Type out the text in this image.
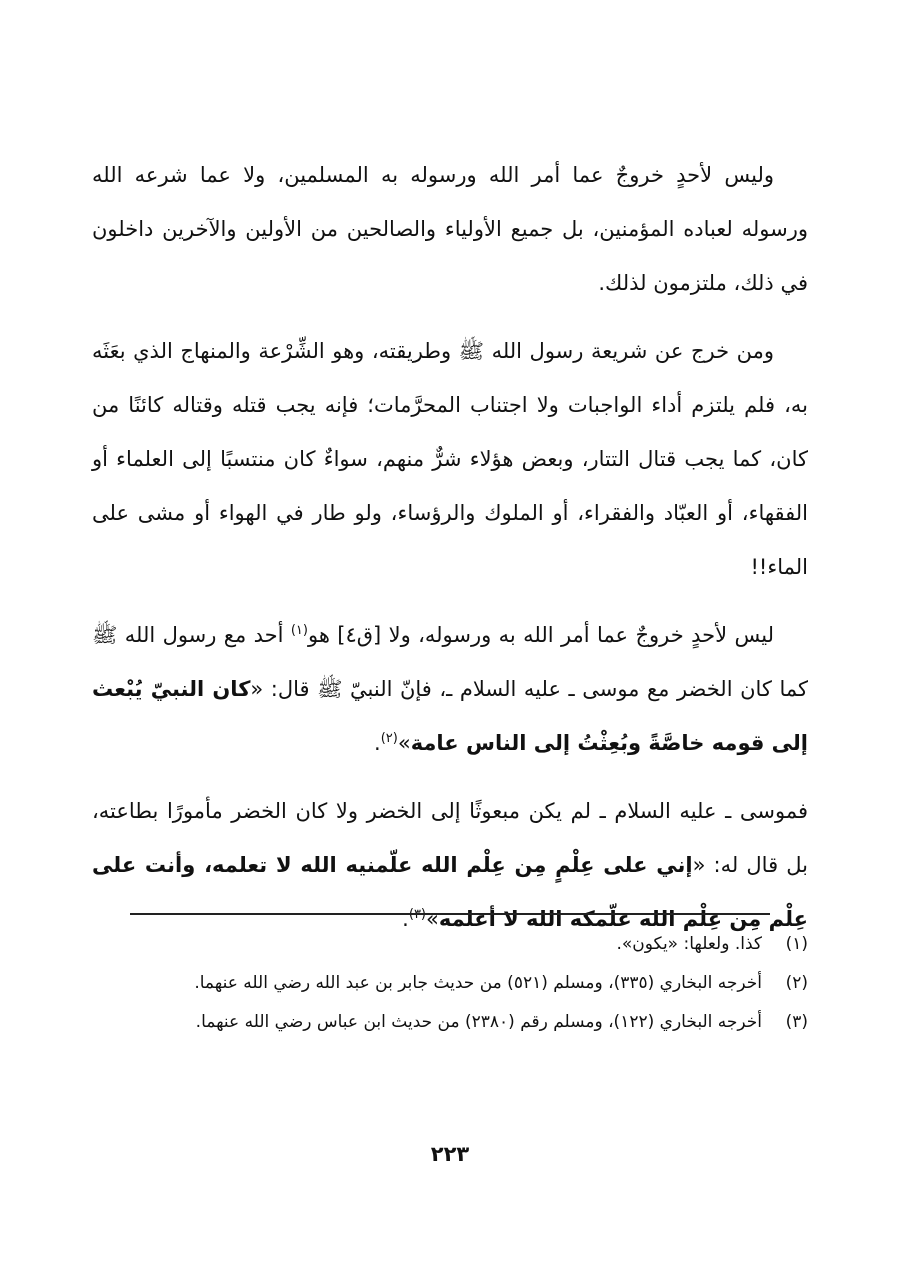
وليس لأحدٍ خروجٌ عما أمر الله ورسوله به المسلمين، ولا عما شرعه الله ورسوله لعباده المؤمنين، بل جميع الأولياء والصالحين من الأولين والآخرين داخلون في ذلك، ملتزمون لذلك.

ومن خرج عن شريعة رسول الله ﷺ وطريقته، وهو الشِّرْعة والمنهاج الذي بعَثَه به، فلم يلتزم أداء الواجبات ولا اجتناب المحرَّمات؛ فإنه يجب قتله وقتاله كائنًا من كان، كما يجب قتال التتار، وبعض هؤلاء شرٌّ منهم، سواءٌ كان منتسبًا إلى العلماء أو الفقهاء، أو العبّاد والفقراء، أو الملوك والرؤساء، ولو طار في الهواء أو مشى على الماء!!

ليس لأحدٍ خروجٌ عما أمر الله به ورسوله، ولا [ق٤] هو$^{(١)}$ أحد مع رسول الله ﷺ كما كان الخضر مع موسى ـ عليه السلام ـ، فإنّ النبيّ ﷺ قال: «كان النبيّ يُبْعث إلى قومه خاصَّةً وبُعِثْتُ إلى الناس عامة»$^{(٢)}$.

فموسى ـ عليه السلام ـ لم يكن مبعوثًا إلى الخضر ولا كان الخضر مأمورًا بطاعته، بل قال له: «إني على عِلْمٍ مِن عِلْم الله علّمنيه الله لا تعلمه، وأنت على عِلْم مِن عِلْم الله علّمكه الله لا أعلمه»$^{(٣)}$.

(١)
كذا. ولعلها: «يكون».
(٢)
أخرجه البخاري (٣٣٥)، ومسلم (٥٢١) من حديث جابر بن عبد الله رضي الله عنهما.
(٣)
أخرجه البخاري (١٢٢)، ومسلم رقم (٢٣٨٠) من حديث ابن عباس رضي الله عنهما.
٢٢٣
